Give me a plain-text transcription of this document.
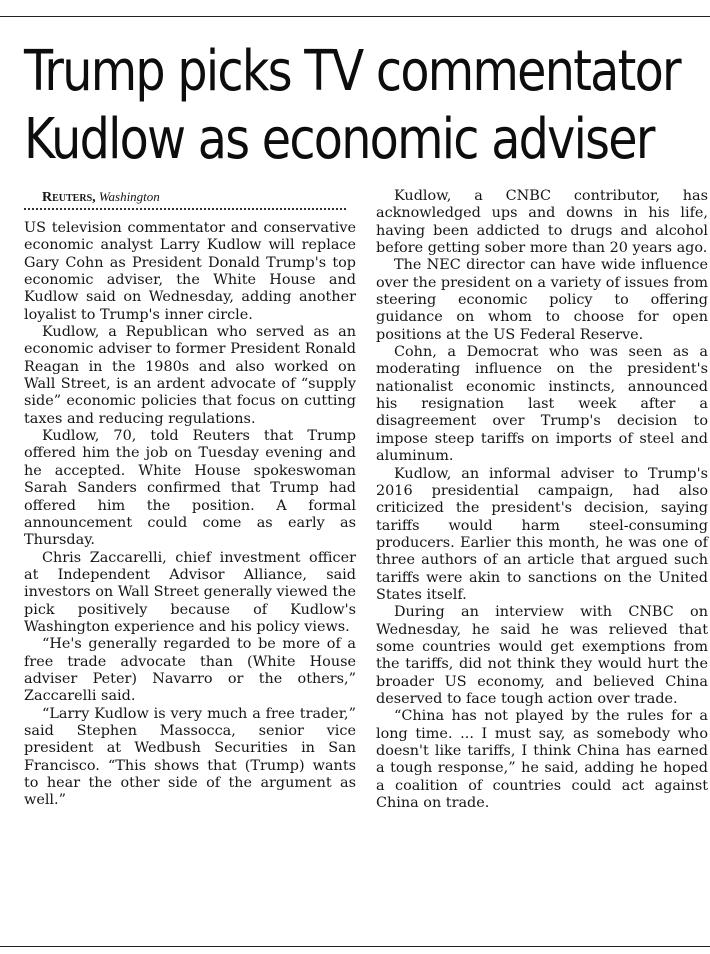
Trump picks TV commentator
Kudlow as economic adviser

Reuters, Washington

US television commentator and conservative economic analyst Larry Kudlow will replace Gary Cohn as President Donald Trump's top economic adviser, the White House and Kudlow said on Wednesday, adding another loyalist to Trump's inner circle.

Kudlow, a Republican who served as an economic adviser to former President Ronald Reagan in the 1980s and also worked on Wall Street, is an ardent advocate of “supply side” economic policies that focus on cutting taxes and reducing regulations.

Kudlow, 70, told Reuters that Trump offered him the job on Tuesday evening and he accepted. White House spokeswoman Sarah Sanders confirmed that Trump had offered him the position. A formal announcement could come as early as Thursday.

Chris Zaccarelli, chief investment officer at Independent Advisor Alliance, said investors on Wall Street generally viewed the pick positively because of Kudlow's Washington experience and his policy views.

“He's generally regarded to be more of a free trade advocate than (White House adviser Peter) Navarro or the others,” Zaccarelli said.

“Larry Kudlow is very much a free trader,” said Stephen Massocca, senior vice president at Wedbush Securities in San Francisco. “This shows that (Trump) wants to hear the other side of the argument as well.”

Kudlow, a CNBC contributor, has acknowledged ups and downs in his life, having been addicted to drugs and alcohol before getting sober more than 20 years ago.

The NEC director can have wide influence over the president on a variety of issues from steering economic policy to offering guidance on whom to choose for open positions at the US Federal Reserve.

Cohn, a Democrat who was seen as a moderating influence on the president's nationalist economic instincts, announced his resignation last week after a disagreement over Trump's decision to impose steep tariffs on imports of steel and aluminum.

Kudlow, an informal adviser to Trump's 2016 presidential campaign, had also criticized the president's decision, saying tariffs would harm steel-consuming producers. Earlier this month, he was one of three authors of an article that argued such tariffs were akin to sanctions on the United States itself.

During an interview with CNBC on Wednesday, he said he was relieved that some countries would get exemptions from the tariffs, did not think they would hurt the broader US economy, and believed China deserved to face tough action over trade.

“China has not played by the rules for a long time. ... I must say, as somebody who doesn't like tariffs, I think China has earned a tough response,” he said, adding he hoped a coalition of countries could act against China on trade.
